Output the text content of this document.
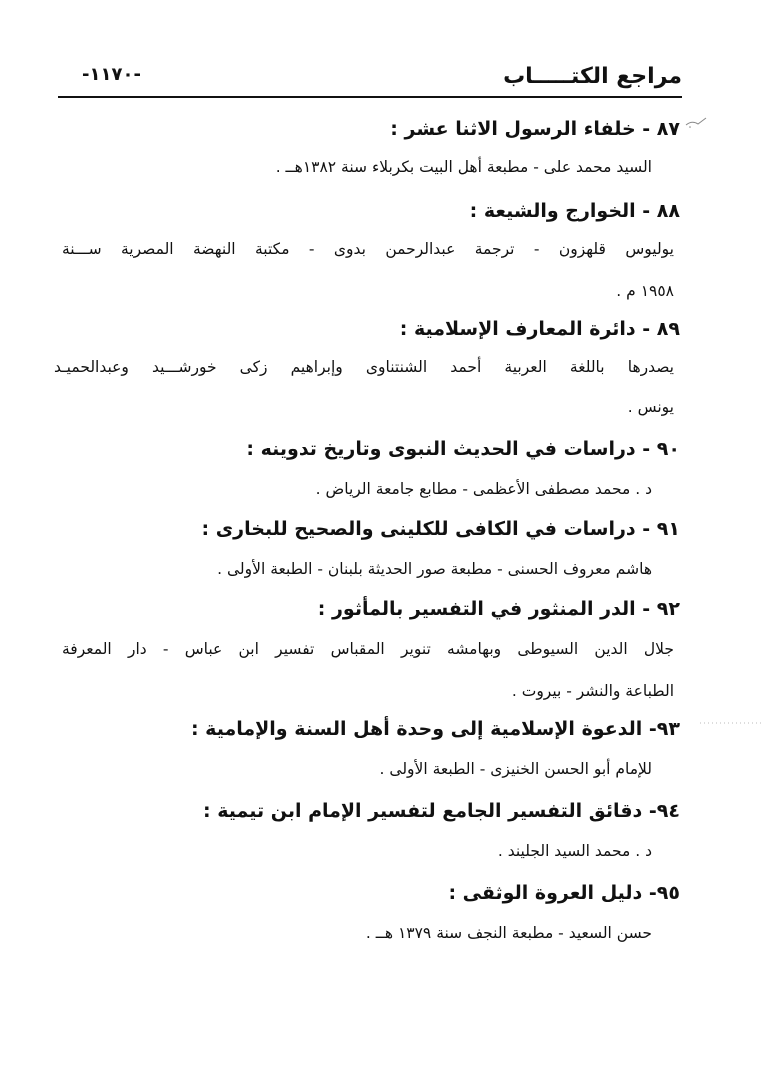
مراجع الكتـــــاب
-١١٧٠-
٨٧ - خلفاء الرسول الاثنا عشر :
السيد محمد على - مطبعة أهل البيت بكربلاء سنة ١٣٨٢هــ .
٨٨ - الخوارج والشيعة :
يوليوس قلهزون - ترجمة عبدالرحمن بدوى - مكتبة النهضة المصرية ســـنة
١٩٥٨ م .
٨٩ - دائرة المعارف الإسلامية :
يصدرها باللغة العربية أحمد الشنتناوى وإبراهيم زكى خورشـــيد وعبدالحميـد
يونس .
٩٠ - دراسات في الحديث النبوى وتاريخ تدوينه :
د . محمد مصطفى الأعظمى - مطابع جامعة الرياض .
٩١ - دراسات في الكافى للكلينى والصحيح للبخارى :
هاشم معروف الحسنى - مطبعة صور الحديثة بلبنان - الطبعة الأولى .
٩٢ - الدر المنثور في التفسير بالمأثور :
جلال الدين السيوطى وبهامشه تنوير المقباس تفسير ابن عباس - دار المعرفة
الطباعة والنشر - بيروت .
٩٣- الدعوة الإسلامية إلى وحدة أهل السنة والإمامية :
للإمام أبو الحسن الخنيزى - الطبعة الأولى .
٩٤- دقائق التفسير الجامع لتفسير الإمام ابن تيمية :
د . محمد السيد الجليند .
٩٥- دليل العروة الوثقى :
حسن السعيد - مطبعة النجف سنة ١٣٧٩ هــ .
